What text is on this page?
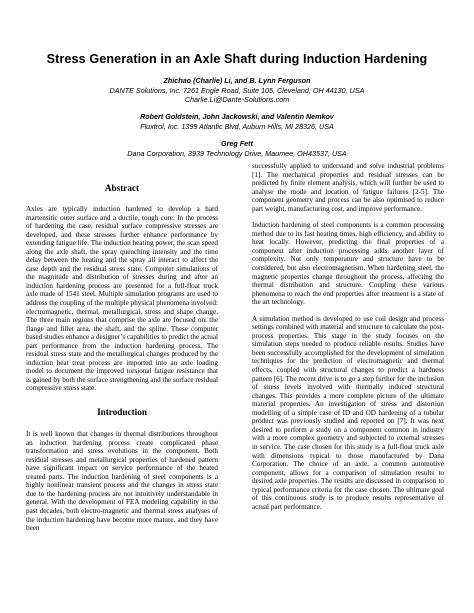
Stress Generation in an Axle Shaft during Induction Hardening
Zhichao (Charlie) Li, and B. Lynn Ferguson
DANTE Solutions, Inc. 7261 Engle Road, Suite 105, Cleveland, OH 44130, USA
Charlie.Li@Dante-Solutions.com
Robert Goldstein, John Jackowski, and Valentin Nemkov
Fluxtrol, Inc. 1399 Atlantic Blvd, Auburn Hills, MI 28326, USA
Greg Fett
Dana Corporation, 3939 Technology Drive, Maumee, OH43537, USA
Abstract

Axles are typically induction hardened to develop a hard martensitic outer surface and a ductile, tough core. In the process of hardening the case, residual surface compressive stresses are developed, and these stresses further enhance performance by extending fatigue life. The induction heating power, the scan speed along the axle shaft, the spray quenching intensity and the time delay between the heating and the spray all interact to affect the case depth and the residual stress state. Computer simulations of the magnitude and distribution of stresses during and after an induction hardening process are presented for a full-float truck axle made of 1541 steel. Multiple simulation programs are used to address the coupling of the multiple physical phenomena involved: electromagnetic, thermal, metallurgical, stress and shape change. The three main regions that comprise the axle are focused on: the flange and fillet area, the shaft, and the spline. These computer based studies enhance a designer’s capabilities to predict the actual part performance from the induction hardening process. The residual stress state and the metallurgical changes produced by the induction heat treat process are imported into an axle loading model to document the improved torsional fatigue resistance that is gained by both the surface strengthening and the surface residual compressive stress state.

Introduction

It is well known that changes in thermal distributions throughout an induction hardening process create complicated phase transformation and stress evolutions in the component. Both residual stresses and metallurgical properties of hardened pattern have significant impact on service performance of the heated treated parts. The induction hardening of steel components is a highly nonlinear transient process and the changes in stress state due to the hardening process are not intuitively understandable in general. With the development of FEA modeling capability in the past decades, both electro-magnetic and thermal stress analyses of the induction hardening have become more mature, and they have been

successfully applied to understand and solve industrial problems [1]. The mechanical properties and residual stresses can be predicted by finite element analysis, which will further be used to analyse the mode and location of fatigue failures [2-5]. The component geometry and process can be also optimised to reduce part weight, manufacturing cost, and improve performance.

Induction hardening of steel components is a common processing method due to its fast heating times, high efficiency, and ability to heat locally. However, predicting the final properties of a component after induction processing adds another layer of complexity. Not only temperature and structure have to be considered, but also electromagnetism. When hardening steel, the magnetic properties change throughout the process, affecting the thermal distribution and structure. Coupling these various phenomena to reach the end properties after treatment is a state of the art technology.

A simulation method is developed to use coil design and process settings combined with material and structure to calculate the post-process properties. This stage in the study focuses on the simulation steps needed to produce reliable results. Studies have been successfully accomplished for the development of simulation techniques for the prediction of electromagnetic and thermal effects, coupled with structural changes to predict a hardness pattern [6]. The recent drive is to go a step further for the inclusion of stress levels involved with thermally induced structural changes. This provides a more complete picture of the ultimate material properties. An investigation of stress and distortion modelling of a simple case of ID and OD hardening of a tubular product was previously studied and reported on [7]. It was next desired to perform a study on a component common in industry with a more complex geometry and subjected to external stresses in service. The case chosen for this study is a full-float truck axle with dimensions typical to those manufactured by Dana Corporation. The choice of an axle, a common automotive component, allows for a comparison of simulation results to desired axle properties. The results are discussed in comparison to typical performance criteria for the case chosen. The ultimate goal of this continuous study is to produce results representative of actual part performance.
